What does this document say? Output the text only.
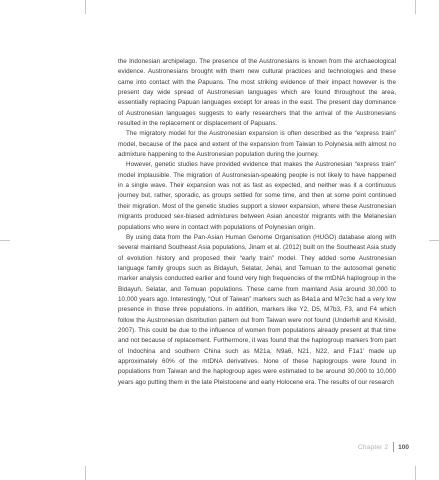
the Indonesian archipelago. The presence of the Austronesians is known from the archaeological evidence. Austronesians brought with them new cultural practices and technologies and these came into contact with the Papuans. The most striking evidence of their impact however is the present day wide spread of Austronesian languages which are found throughout the area, essentially replacing Papuan languages except for areas in the east. The present day dominance of Austronesian languages suggests to early researchers that the arrival of the Austronesians resulted in the replacement or displacement of Papuans.

The migratory model for the Austronesian expansion is often described as the “express train” model, because of the pace and extent of the expansion from Taiwan to Polynesia with almost no admixture happening to the Austronesian population during the journey.

However, genetic studies have provided evidence that makes the Austronesian “express train” model implausible. The migration of Austronesian-speaking people is not likely to have happened in a single wave. Their expansion was not as fast as expected, and neither was it a continuous journey but, rather, sporadic, as groups settled for some time, and then at some point continued their migration. Most of the genetic studies support a slower expansion, where these Austronesian migrants produced sex-biased admixtures between Asian ancestor migrants with the Melanesian populations who were in contact with populations of Polynesian origin.

By using data from the Pan-Asian Human Genome Organisation (HUGO) database along with several mainland Southeast Asia populations, Jinam et al. (2012) built on the Southeast Asia study of evolution history and proposed their “early train” model. They added some Austronesian language family groups such as Bidayuh, Selatar, Jehai, and Temuan to the autosomal genetic marker analysis conducted earlier and found very high frequencies of the mtDNA haplogroup in the Bidayuh, Selatar, and Temuan populations. These came from mainland Asia around 30,000 to 10,000 years ago. Interestingly, “Out of Taiwan” markers such as B4a1a and M7c3c had a very low presence in those three populations. In addition, markers like Y2, D5, M7b3, F3, and F4 which follow the Austronesian distribution pattern out from Taiwan were not found (Underhill and Kivisild, 2007). This could be due to the influence of women from populations already present at that time and not because of replacement. Furthermore, it was found that the haplogroup markers from part of Indochina and southern China such as M21a, N9a6, N21, N22, and F1a1’ made up approximately 60% of the mtDNA derivatives. None of these haplogroups were found in populations from Taiwan and the haplogroup ages were estimated to be around 30,000 to 10,000 years ago putting them in the late Pleistocene and early Holocene era. The results of our research

Chapter 2 100
